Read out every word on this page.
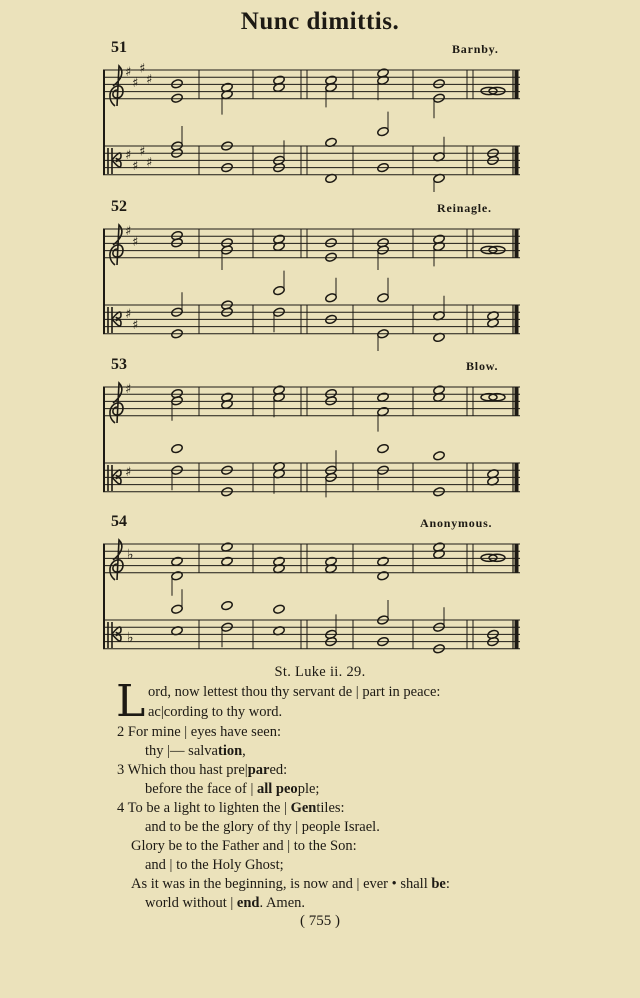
Nunc dimittis.
51	Barnby.
♯
♯
♯
♯
♯
♯
♯
♯
52	Reinagle.
♯
♯
♯
♯
53	Blow.
♯
♯
54	Anonymous.
♭
♭
St. Luke ii. 29.
L ord, now lettest thou thy servant de | part in peace:
ac|cording to thy word.
2 For mine | eyes have seen:
thy |— salvation,
3 Which thou hast pre|pared:
before the face of | all people;
4 To be a light to lighten the | Gentiles:
and to be the glory of thy | people Israel.
Glory be to the Father and | to the Son:
and | to the Holy Ghost;
As it was in the beginning, is now and | ever • shall be:
world without | end. Amen.
( 755 )
